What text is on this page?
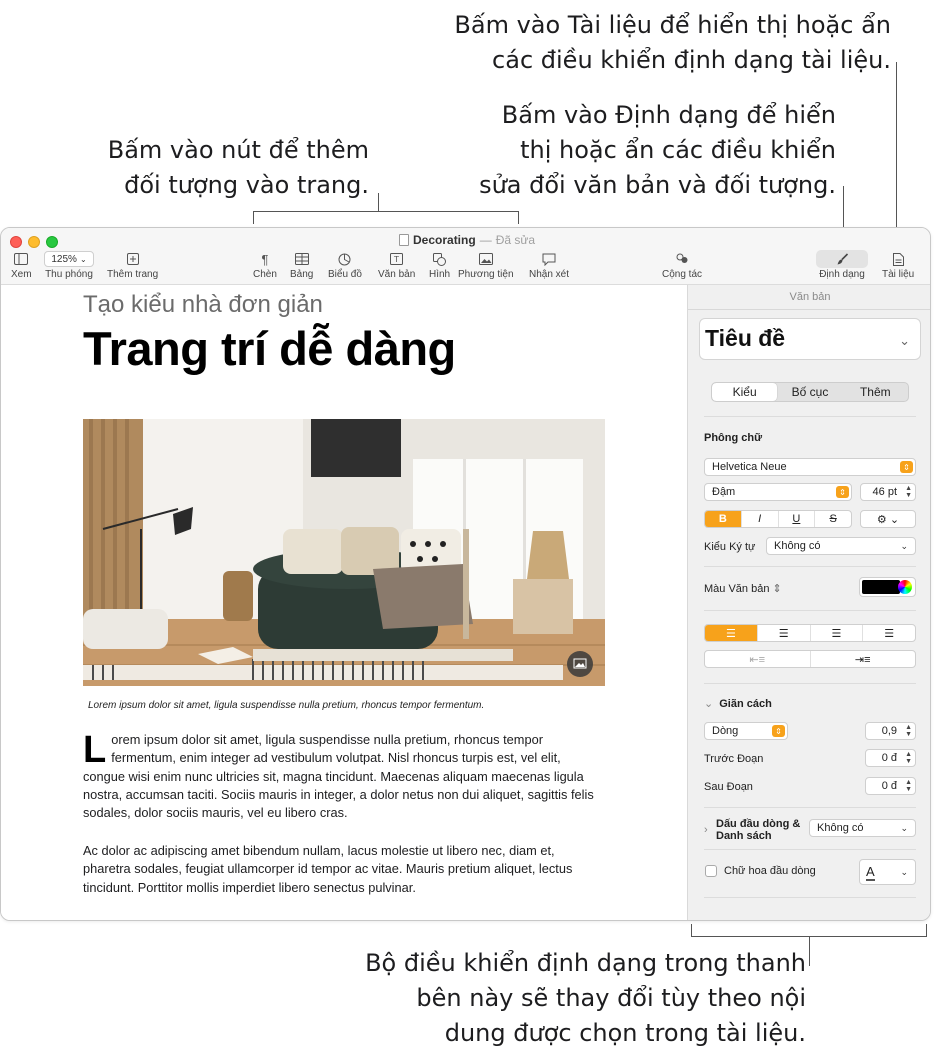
Bấm vào Tài liệu để hiển thị hoặc ẩn
các điều khiển định dạng tài liệu.
Bấm vào Định dạng để hiển
thị hoặc ẩn các điều khiển
sửa đổi văn bản và đối tượng.
Bấm vào nút để thêm
đối tượng vào trang.
Bộ điều khiển định dạng trong thanh
bên này sẽ thay đổi tùy theo nội
dung được chọn trong tài liệu.
Decorating — Đã sửa
Xem
125% ⌄
Thu phóng Thêm trang
¶
Chèn Bảng Biểu đồ
T
Văn bản Hình Phương tiện Nhận xét	Cộng tác	Định dạng Tài liệu
Tạo kiểu nhà đơn giản
Trang trí dễ dàng
Lorem ipsum dolor sit amet, ligula suspendisse nulla pretium, rhoncus tempor fermentum.
Lorem ipsum dolor sit amet, ligula suspendisse nulla pretium, rhoncus tempor fermentum, enim integer ad vestibulum volutpat. Nisl rhoncus turpis est, vel elit, congue wisi enim nunc ultricies sit, magna tincidunt. Maecenas aliquam maecenas ligula nostra, accumsan taciti. Sociis mauris in integer, a dolor netus non dui aliquet, sagittis felis sodales, dolor sociis mauris, vel eu libero cras.
Ac dolor ac adipiscing amet bibendum nullam, lacus molestie ut libero nec, diam et, pharetra sodales, feugiat ullamcorper id tempor ac vitae. Mauris pretium aliquet, lectus tincidunt. Porttitor mollis imperdiet libero senectus pulvinar.
Văn bản
Tiêu đề	⌄
Kiểu	Bố cục	Thêm
Phông chữ
Helvetica Neue	⇕
Đậm	⇕ 46 pt ▲
▼
B	I	U	S	⚙ ⌄
Kiểu Ký tự Không có	⌄
Màu Văn bản ⇕
☰	☰	☰	☰
⇤≡	⇥≡
⌄ Giãn cách
Dòng	⇕	0,9 ▲
▼
Trước Đoạn	0 đ ▲
▼
Sau Đoạn	0 đ ▲
▼
› Dấu đầu dòng &
Danh sách
Không có	⌄
Chữ hoa đầu dòng	A	⌄
